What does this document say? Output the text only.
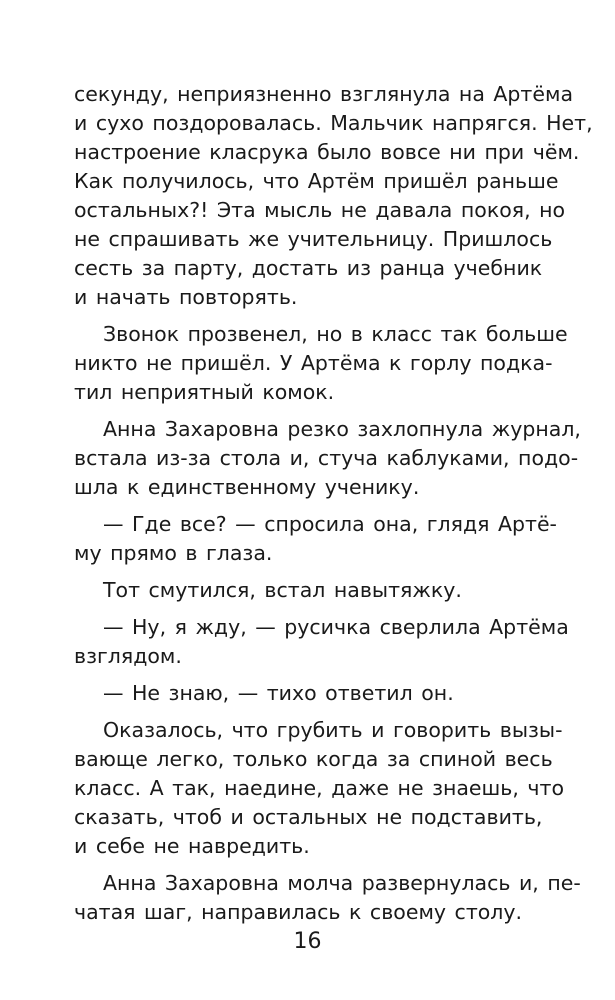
секунду, неприязненно взглянула на Артёма
и сухо поздоровалась. Мальчик напрягся. Нет,
настроение класрука было вовсе ни при чём.
Как получилось, что Артём пришёл раньше
остальных?! Эта мысль не давала покоя, но
не спрашивать же учительницу. Пришлось
сесть за парту, достать из ранца учебник
и начать повторять.
Звонок прозвенел, но в класс так больше
никто не пришёл. У Артёма к горлу подка-
тил неприятный комок.
Анна Захаровна резко захлопнула журнал,
встала из-за стола и, стуча каблуками, подо-
шла к единственному ученику.
— Где все? — спросила она, глядя Артё-
му прямо в глаза.
Тот смутился, встал навытяжку.
— Ну, я жду, — русичка сверлила Артёма
взглядом.
— Не знаю, — тихо ответил он.
Оказалось, что грубить и говорить вызы-
вающе легко, только когда за спиной весь
класс. А так, наедине, даже не знаешь, что
сказать, чтоб и остальных не подставить,
и себе не навредить.
Анна Захаровна молча развернулась и, пе-
чатая шаг, направилась к своему столу.
16
